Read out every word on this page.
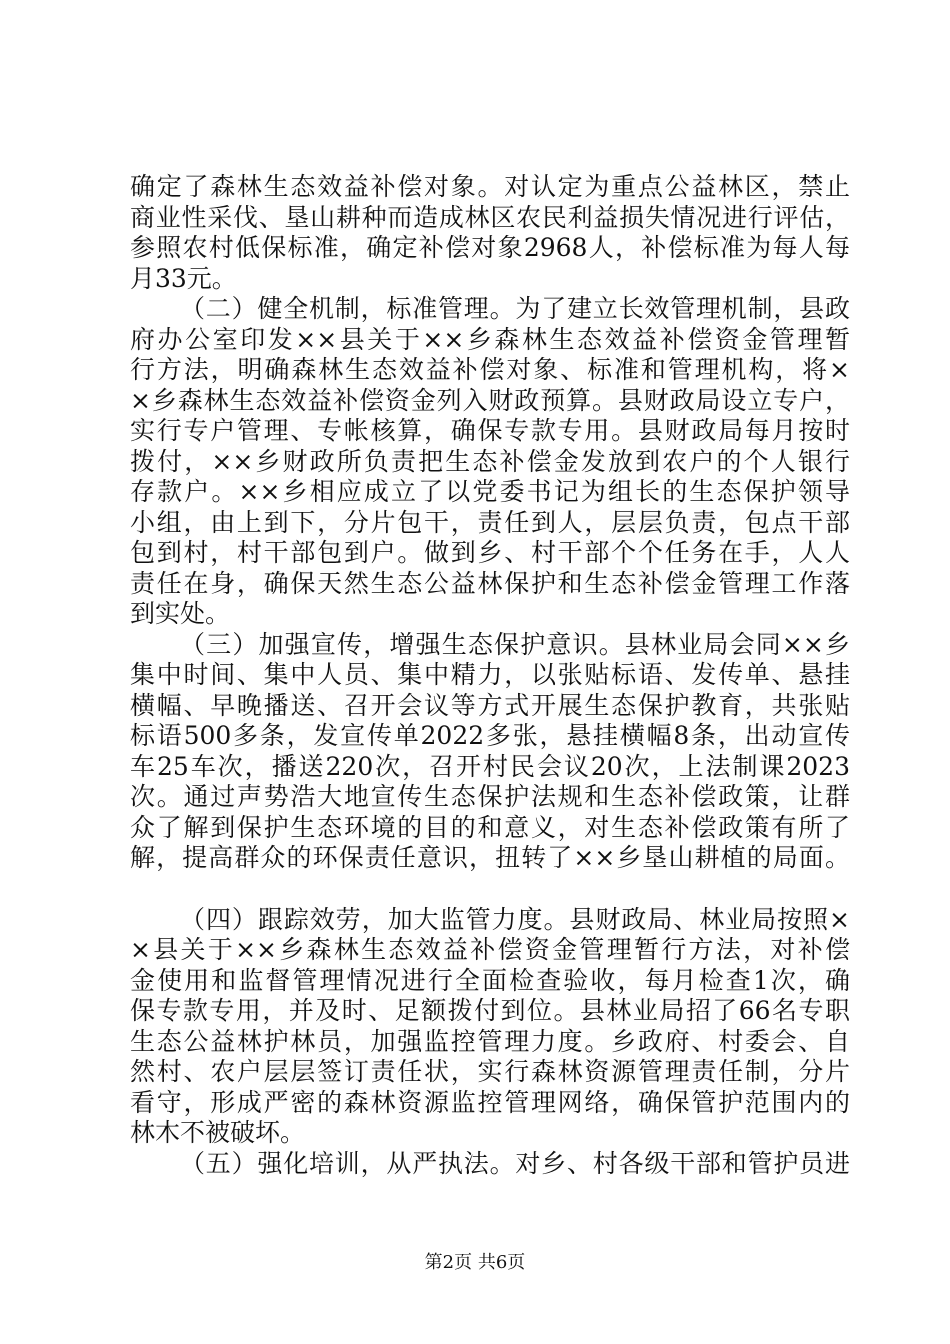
确定了森林生态效益补偿对象。对认定为重点公益林区，禁止
商业性采伐、垦山耕种而造成林区农民利益损失情况进行评估，
参照农村低保标准，确定补偿对象2968人，补偿标准为每人每
月33元。
（二）健全机制，标准管理。为了建立长效管理机制，县政
府办公室印发××县关于××乡森林生态效益补偿资金管理暂
行方法，明确森林生态效益补偿对象、标准和管理机构，将×
×乡森林生态效益补偿资金列入财政预算。县财政局设立专户，
实行专户管理、专帐核算，确保专款专用。县财政局每月按时
拨付，××乡财政所负责把生态补偿金发放到农户的个人银行
存款户。××乡相应成立了以党委书记为组长的生态保护领导
小组，由上到下，分片包干，责任到人，层层负责，包点干部
包到村，村干部包到户。做到乡、村干部个个任务在手，人人
责任在身，确保天然生态公益林保护和生态补偿金管理工作落
到实处。
（三）加强宣传，增强生态保护意识。县林业局会同××乡
集中时间、集中人员、集中精力，以张贴标语、发传单、悬挂
横幅、早晚播送、召开会议等方式开展生态保护教育，共张贴
标语500多条，发宣传单2022多张，悬挂横幅8条，出动宣传
车25车次，播送220次，召开村民会议20次，上法制课2023
次。通过声势浩大地宣传生态保护法规和生态补偿政策，让群
众了解到保护生态环境的目的和意义，对生态补偿政策有所了
解，提高群众的环保责任意识，扭转了××乡垦山耕植的局面。
（四）跟踪效劳，加大监管力度。县财政局、林业局按照×
×县关于××乡森林生态效益补偿资金管理暂行方法，对补偿
金使用和监督管理情况进行全面检查验收，每月检查1次，确
保专款专用，并及时、足额拨付到位。县林业局招了66名专职
生态公益林护林员，加强监控管理力度。乡政府、村委会、自
然村、农户层层签订责任状，实行森林资源管理责任制，分片
看守，形成严密的森林资源监控管理网络，确保管护范围内的
林木不被破坏。
（五）强化培训，从严执法。对乡、村各级干部和管护员进
第2页 共6页
